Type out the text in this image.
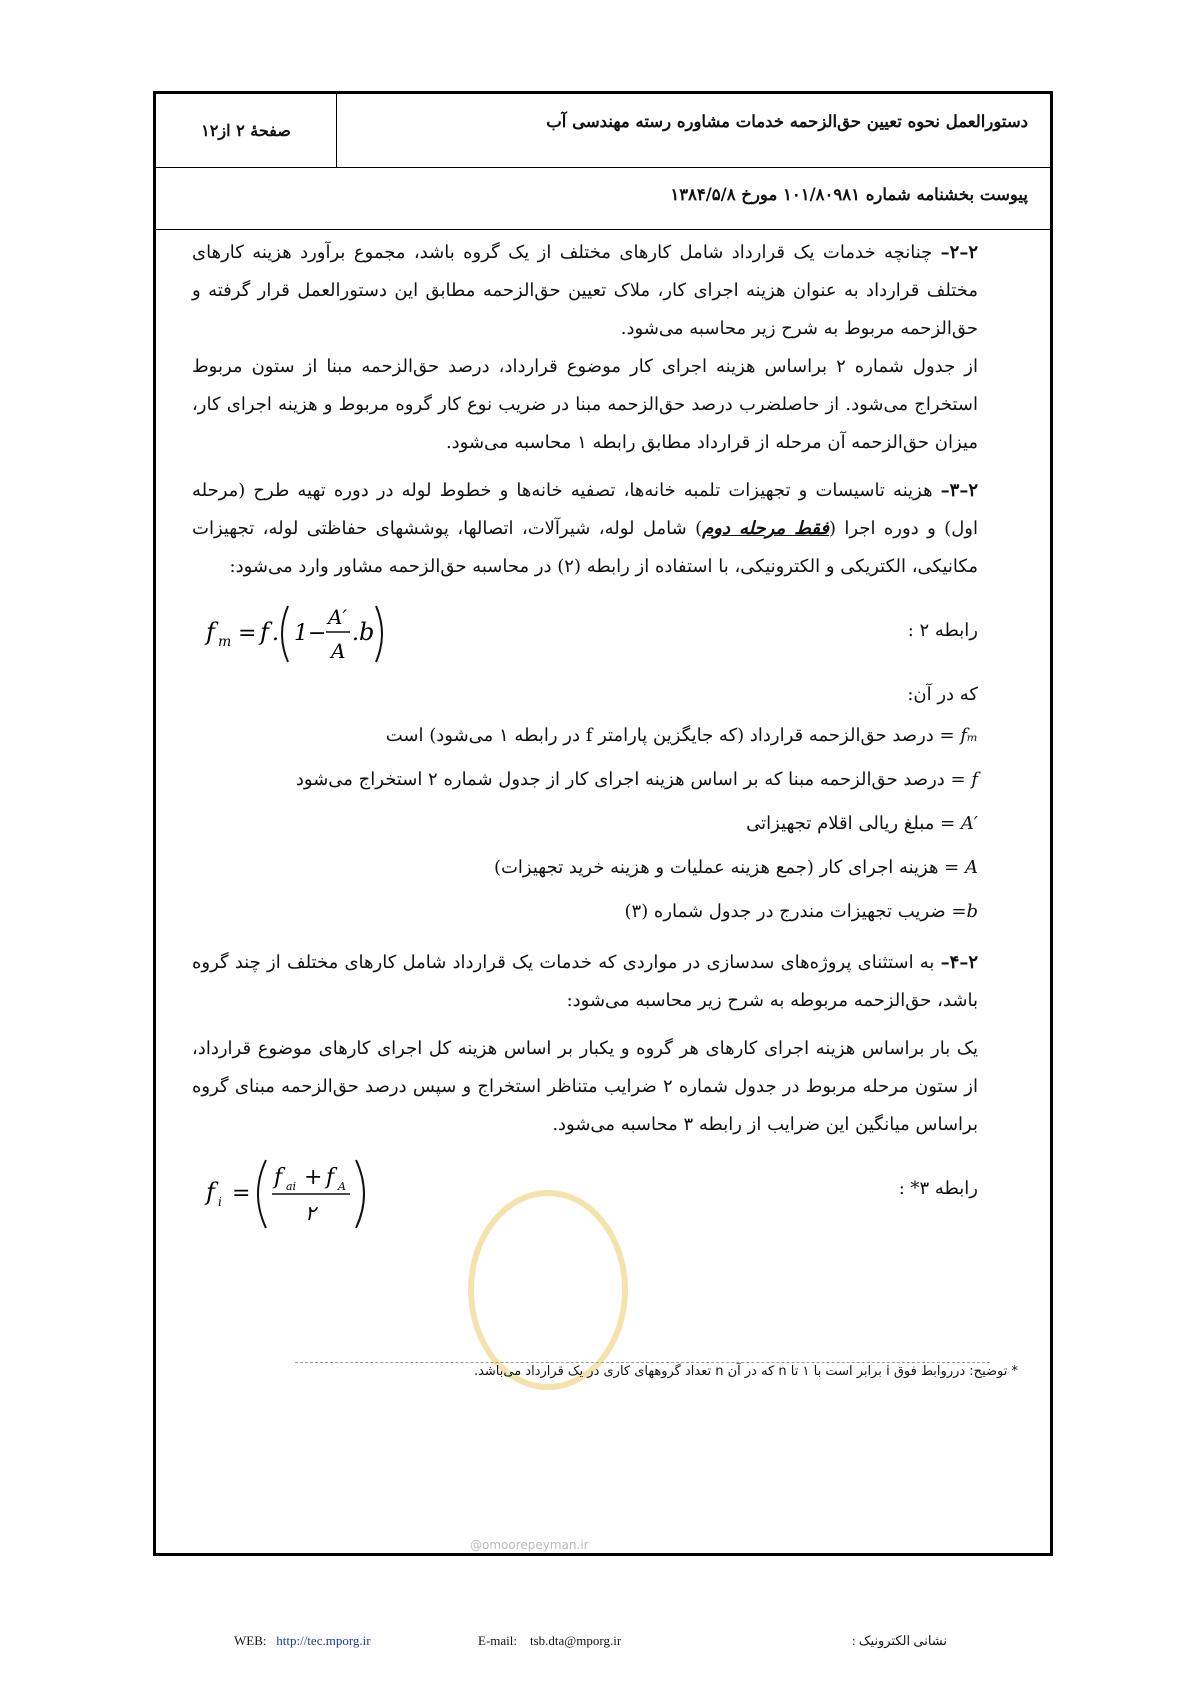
صفحهٔ ۲ از۱۲	دستورالعمل نحوه تعیین حق‌الزحمه خدمات مشاوره رسته مهندسی آب
پیوست بخشنامه شماره ۱۰۱/۸۰۹۸۱ مورخ ۱۳۸۴/۵/۸

۲–۲– چنانچه خدمات یک قرارداد شامل کارهای مختلف از یک گروه باشد، مجموع برآورد هزینه کارهای مختلف قرارداد به عنوان هزینه اجرای کار، ملاک تعیین حق‌الزحمه مطابق این دستورالعمل قرار گرفته و حق‌الزحمه مربوط به شرح زیر محاسبه می‌شود.

از جدول شماره ۲ براساس هزینه اجرای کار موضوع قرارداد، درصد حق‌الزحمه مبنا از ستون مربوط استخراج می‌شود. از حاصلضرب درصد حق‌الزحمه مبنا در ضریب نوع کار گروه مربوط و هزینه اجرای کار، میزان حق‌الزحمه آن مرحله از قرارداد مطابق رابطه ۱ محاسبه می‌شود.

۲–۳– هزینه تاسیسات و تجهیزات تلمبه خانه‌ها، تصفیه خانه‌ها و خطوط لوله در دوره تهیه طرح (مرحله اول) و دوره اجرا (فقط مرحله دوم) شامل لوله، شیرآلات، اتصالها، پوششهای حفاظتی لوله، تجهیزات مکانیکی، الکتریکی و الکترونیکی، با استفاده از رابطه (۲) در محاسبه حق‌الزحمه مشاور وارد می‌شود:

رابطه ۲ :
f m = f . 1 −
A′
A
. b

که در آن:

fₘ = درصد حق‌الزحمه قرارداد (که جایگزین پارامتر f در رابطه ۱ می‌شود) است
f = درصد حق‌الزحمه مبنا که بر اساس هزینه اجرای کار از جدول شماره ۲ استخراج می‌شود
A′ = مبلغ ریالی اقلام تجهیزاتی
A = هزینه اجرای کار (جمع هزینه عملیات و هزینه خرید تجهیزات)
b= ضریب تجهیزات مندرج در جدول شماره (۳)

۲–۴– به استثنای پروژه‌های سدسازی در مواردی که خدمات یک قرارداد شامل کارهای مختلف از چند گروه باشد، حق‌الزحمه مربوطه به شرح زیر محاسبه می‌شود:

یک بار براساس هزینه اجرای کارهای هر گروه و یکبار بر اساس هزینه کل اجرای کارهای موضوع قرارداد، از ستون مرحله مربوط در جدول شماره ۲ ضرایب متناظر استخراج و سپس درصد حق‌الزحمه مبنای گروه براساس میانگین این ضرایب از رابطه ۳ محاسبه می‌شود.

رابطه ۳* :
f i =
f ai + f A
۲
* توضیح: درروابط فوق i برابر است با ۱ تا n که در آن n تعداد گروههای کاری در یک قرارداد می‌باشد.
@omoorepeyman.ir
WEB: http://tec.mporg.ir	E-mail: tsb.dta@mporg.ir	نشانی الکترونیک :
